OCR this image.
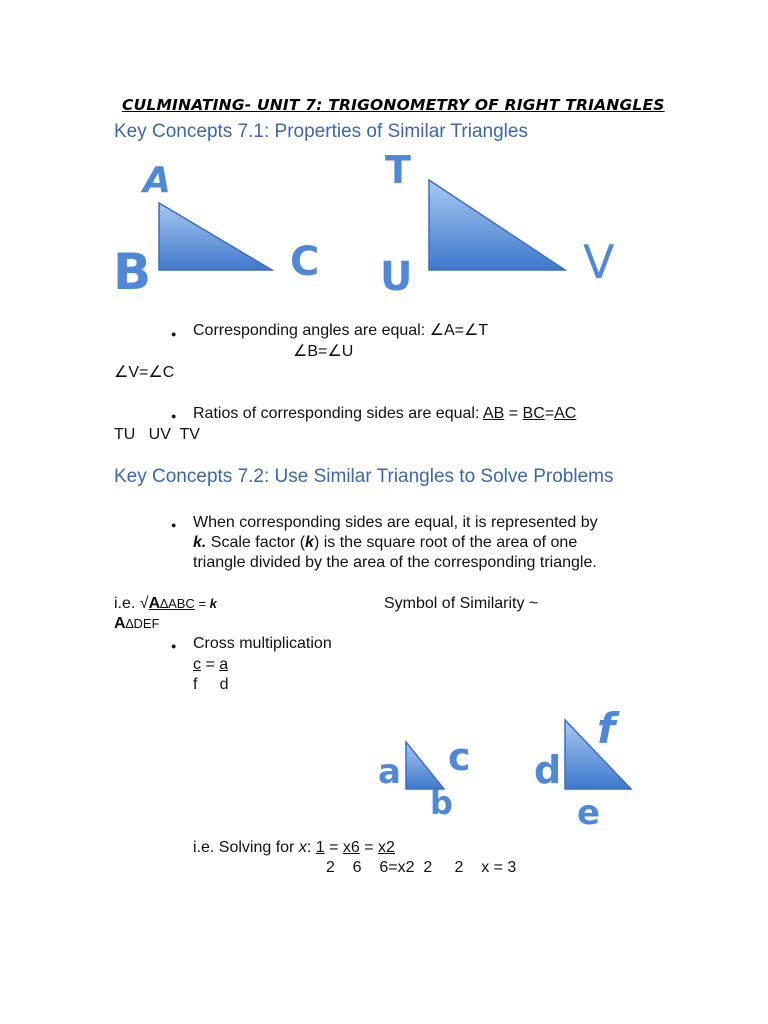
CULMINATING- UNIT 7: TRIGONOMETRY OF RIGHT TRIANGLES
Key Concepts 7.1: Properties of Similar Triangles
A
B	C
T
U	V
● Corresponding angles are equal: ∠A=∠T
∠B=∠U
∠V=∠C
● Ratios of corresponding sides are equal: AB = BC=AC
TU   UV  TV
Key Concepts 7.2: Use Similar Triangles to Solve Problems
● When corresponding sides are equal, it is represented by
k. Scale factor (k) is the square root of the area of one
triangle divided by the area of the corresponding triangle.
i.e. √A∆ABC = k	Symbol of Similarity ~
A∆DEF
● Cross multiplication
c = a
f     d
a
b
c d
e
f
i.e. Solving for x: 1 = x6 = x2
2    6    6=x2  2     2    x = 3
